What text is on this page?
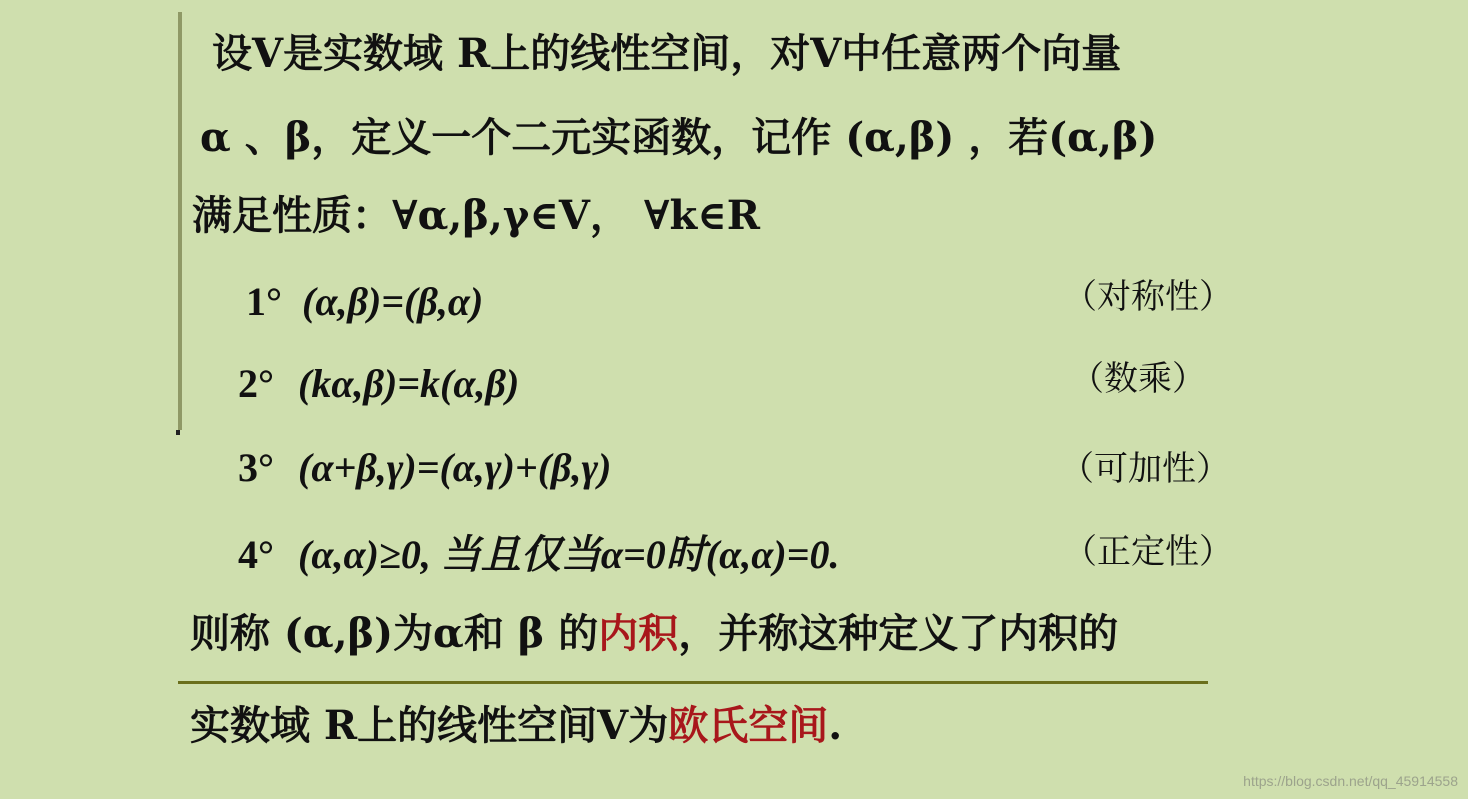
设V是实数域 R上的线性空间，对V中任意两个向量
α 、β，定义一个二元实函数，记作 (α,β) ，若(α,β)
满足性质：∀α,β,γ∈V， ∀k∈R
1° (α,β)=(β,α)	（对称性）
2° (kα,β)=k(α,β)	（数乘）
3° (α+β,γ)=(α,γ)+(β,γ)	（可加性）
4° (α,α)≥0, 当且仅当α=0时(α,α)=0.	（正定性）
则称 (α,β)为α和 β 的内积，并称这种定义了内积的
实数域 R上的线性空间V为欧氏空间.
https://blog.csdn.net/qq_45914558
